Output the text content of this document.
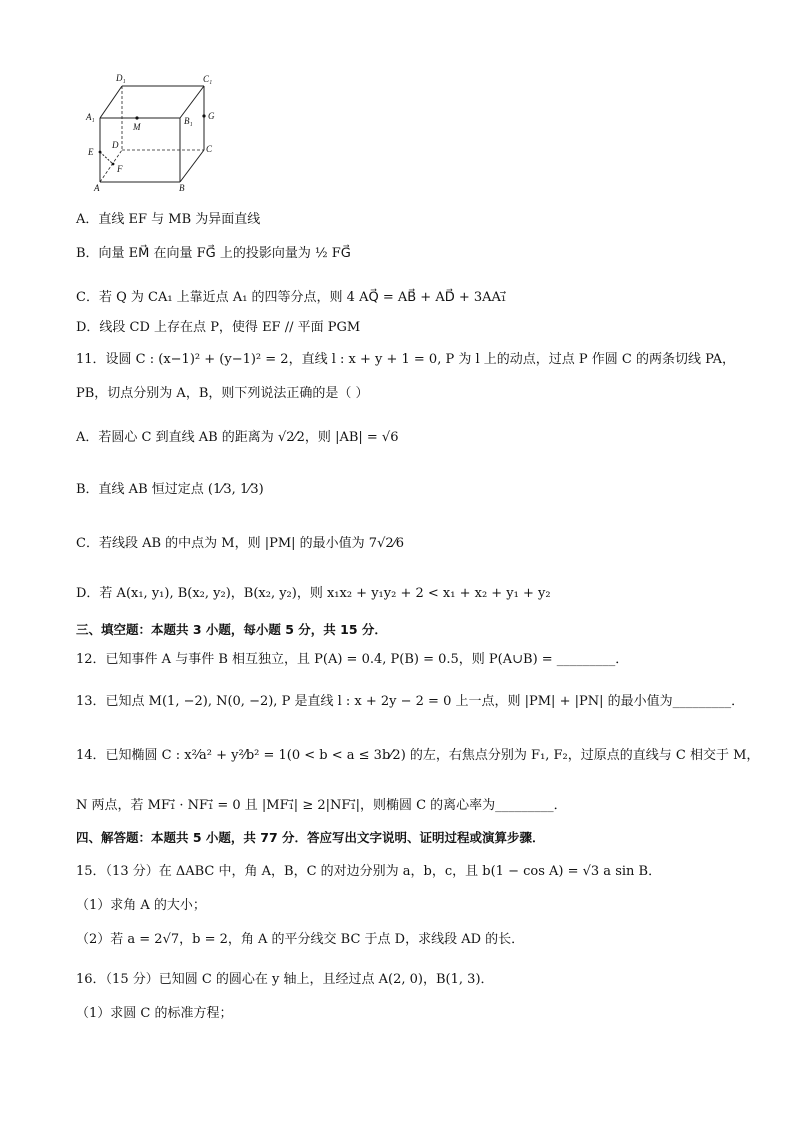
D₁	C₁
A₁	B₁
M
G
E
D	C
F
A	B
A．直线 EF 与 MB 为异面直线
B．向量 EM⃗ 在向量 FG⃗ 上的投影向量为 ½ FG⃗
C．若 Q 为 CA₁ 上靠近点 A₁ 的四等分点，则 4 AQ⃗ = AB⃗ + AD⃗ + 3AA₁⃗
D．线段 CD 上存在点 P，使得 EF // 平面 PGM
11．设圆 C : (x−1)² + (y−1)² = 2，直线 l : x + y + 1 = 0, P 为 l 上的动点，过点 P 作圆 C 的两条切线 PA，
PB，切点分别为 A，B，则下列说法正确的是（ ）
A．若圆心 C 到直线 AB 的距离为 √2⁄2，则 |AB| = √6
B．直线 AB 恒过定点 (1⁄3, 1⁄3)
C．若线段 AB 的中点为 M，则 |PM| 的最小值为 7√2⁄6
D．若 A(x₁, y₁), B(x₂, y₂)，B(x₂, y₂)，则 x₁x₂ + y₁y₂ + 2 < x₁ + x₂ + y₁ + y₂
三、填空题：本题共 3 小题，每小题 5 分，共 15 分．
12．已知事件 A 与事件 B 相互独立，且 P(A) = 0.4, P(B) = 0.5，则 P(A∪B) = _________．
13．已知点 M(1, −2), N(0, −2), P 是直线 l : x + 2y − 2 = 0 上一点，则 |PM| + |PN| 的最小值为_________．
14．已知椭圆 C : x²⁄a² + y²⁄b² = 1(0 < b < a ≤ 3b⁄2) 的左，右焦点分别为 F₁, F₂，过原点的直线与 C 相交于 M，
N 两点，若 MF₁⃗ · NF₁⃗ = 0 且 |MF₁⃗| ≥ 2|NF₁⃗|，则椭圆 C 的离心率为_________．
四、解答题：本题共 5 小题，共 77 分．答应写出文字说明、证明过程或演算步骤．
15．（13 分）在 ΔABC 中，角 A，B，C 的对边分别为 a，b，c，且 b(1 − cos A) = √3 a sin B．
（1）求角 A 的大小；
（2）若 a = 2√7，b = 2，角 A 的平分线交 BC 于点 D，求线段 AD 的长．
16．（15 分）已知圆 C 的圆心在 y 轴上，且经过点 A(2, 0)，B(1, 3)．
（1）求圆 C 的标准方程；
